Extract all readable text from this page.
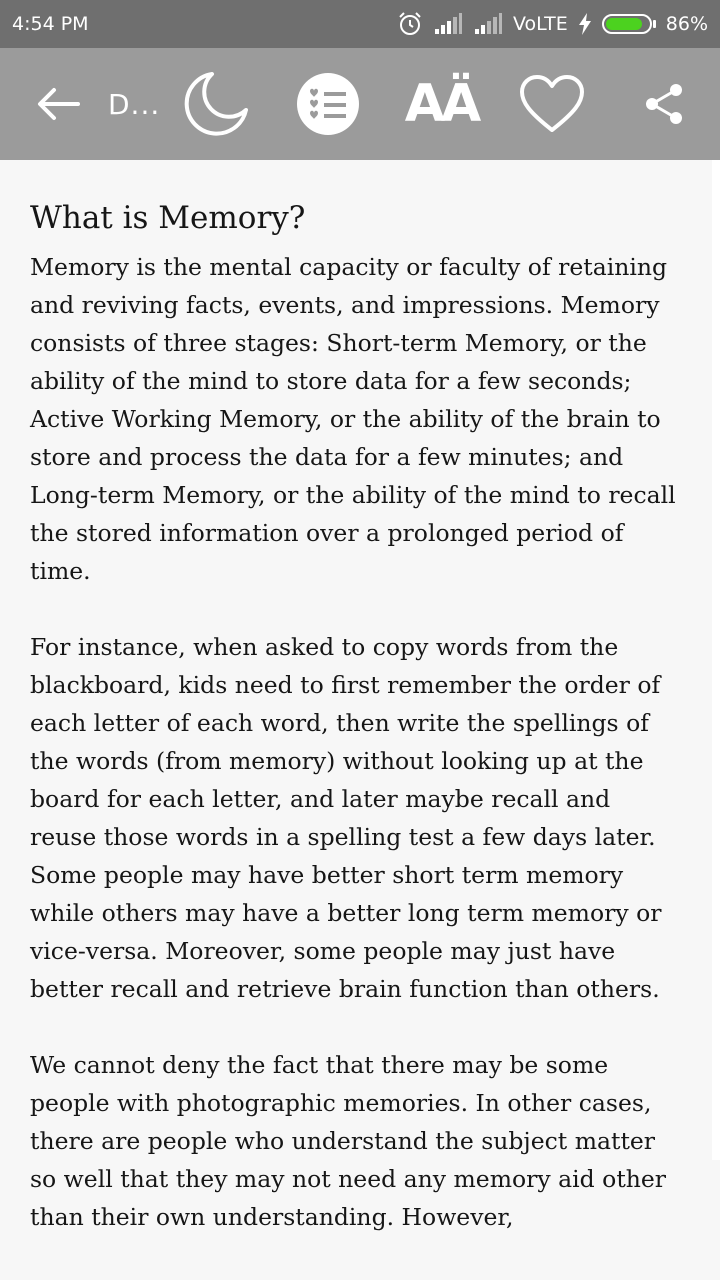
4:54 PM	VoLTE	86%
D...	AÄ
What is Memory?

Memory is the mental capacity or faculty of retaining and reviving facts, events, and impressions. Memory consists of three stages: Short-term Memory, or the ability of the mind to store data for a few seconds; Active Working Memory, or the ability of the brain to store and process the data for a few minutes; and Long-term Memory, or the ability of the mind to recall the stored information over a prolonged period of time.

For instance, when asked to copy words from the blackboard, kids need to first remember the order of each letter of each word, then write the spellings of the words (from memory) without looking up at the board for each letter, and later maybe recall and reuse those words in a spelling test a few days later. Some people may have better short term memory while others may have a better long term memory or vice-versa. Moreover, some people may just have better recall and retrieve brain function than others.

We cannot deny the fact that there may be some people with photographic memories. In other cases, there are people who understand the subject matter so well that they may not need any memory aid other than their own understanding. However,
